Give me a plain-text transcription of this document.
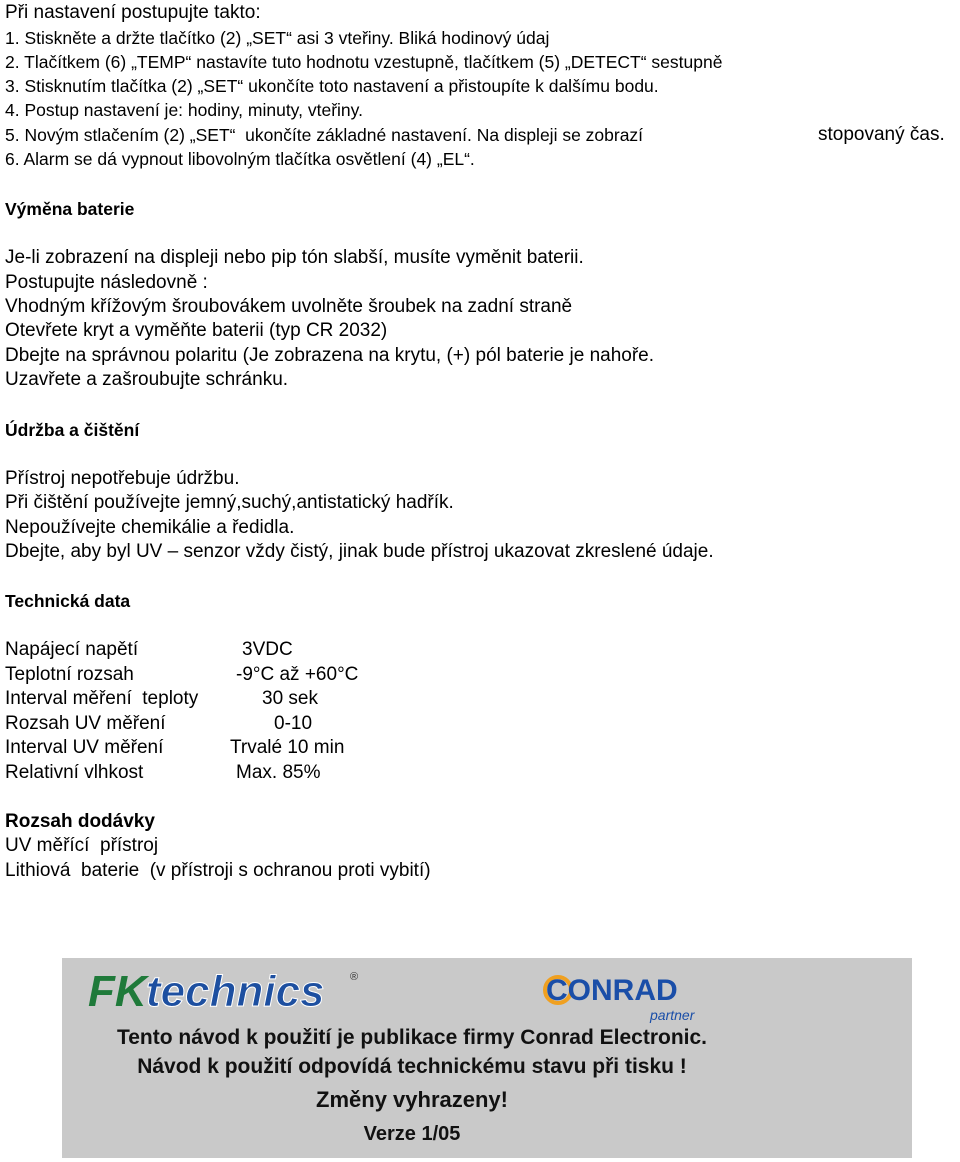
Při nastavení postupujte takto:
1. Stiskněte a držte tlačítko (2) „SET“ asi 3 vteřiny. Bliká hodinový údaj
2. Tlačítkem (6) „TEMP“ nastavíte tuto hodnotu vzestupně, tlačítkem (5) „DETECT“ sestupně
3. Stisknutím tlačítka (2) „SET“ ukončíte toto nastavení a přistoupíte k dalšímu bodu.
4. Postup nastavení je: hodiny, minuty, vteřiny.
5. Novým stlačením (2) „SET“  ukončíte základné nastavení. Na displeji se zobrazí	stopovaný čas.
6. Alarm se dá vypnout libovolným tlačítka osvětlení (4) „EL“.
Výměna baterie
Je-li zobrazení na displeji nebo pip tón slabší, musíte vyměnit baterii.
Postupujte následovně :
Vhodným křížovým šroubovákem uvolněte šroubek na zadní straně
Otevřete kryt a vyměňte baterii (typ CR 2032)
Dbejte na správnou polaritu (Je zobrazena na krytu, (+) pól baterie je nahoře.
Uzavřete a zašroubujte schránku.
Údržba a čištění
Přístroj nepotřebuje údržbu.
Při čištění používejte jemný,suchý,antistatický hadřík.
Nepoužívejte chemikálie a ředidla.
Dbejte, aby byl UV – senzor vždy čistý, jinak bude přístroj ukazovat zkreslené údaje.
Technická data
Napájecí napětí	3VDC
Teplotní rozsah	-9°C až +60°C
Interval měření  teploty	30 sek
Rozsah UV měření	0-10
Interval UV měření	Trvalé 10 min
Relativní vlhkost	Max. 85%
Rozsah dodávky
UV měřící  přístroj
Lithiová  baterie  (v přístroji s ochranou proti vybití)
FK technics ®	CONRAD
partner
Tento návod k použití je publikace firmy Conrad Electronic.
Návod k použití odpovídá technickému stavu při tisku !
Změny vyhrazeny!
Verze 1/05
